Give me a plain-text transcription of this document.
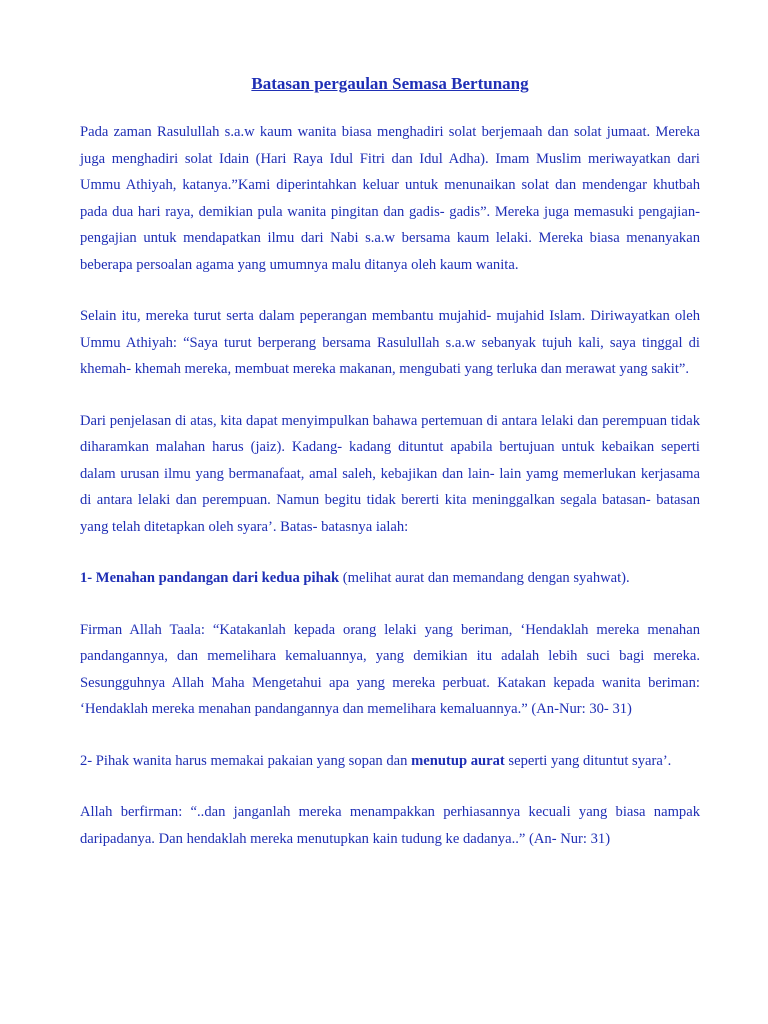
Batasan pergaulan Semasa Bertunang

Pada zaman Rasulullah s.a.w kaum wanita biasa menghadiri solat berjemaah dan solat jumaat. Mereka juga menghadiri solat Idain (Hari Raya Idul Fitri dan Idul Adha). Imam Muslim meriwayatkan dari Ummu Athiyah, katanya.”Kami diperintahkan keluar untuk menunaikan solat dan mendengar khutbah pada dua hari raya, demikian pula wanita pingitan dan gadis- gadis”. Mereka juga memasuki pengajian- pengajian untuk mendapatkan ilmu dari Nabi s.a.w bersama kaum lelaki. Mereka biasa menanyakan beberapa persoalan agama yang umumnya malu ditanya oleh kaum wanita.

Selain itu, mereka turut serta dalam peperangan membantu mujahid- mujahid Islam. Diriwayatkan oleh Ummu Athiyah: “Saya turut berperang bersama Rasulullah s.a.w sebanyak tujuh kali, saya tinggal di khemah- khemah mereka, membuat mereka makanan, mengubati yang terluka dan merawat yang sakit”.

Dari penjelasan di atas, kita dapat menyimpulkan bahawa pertemuan di antara lelaki dan perempuan tidak diharamkan malahan harus (jaiz). Kadang- kadang dituntut apabila bertujuan untuk kebaikan seperti dalam urusan ilmu yang bermanafaat, amal saleh, kebajikan dan lain- lain yamg memerlukan kerjasama di antara lelaki dan perempuan. Namun begitu tidak bererti kita meninggalkan segala batasan- batasan yang telah ditetapkan oleh syara’. Batas- batasnya ialah:

1- Menahan pandangan dari kedua pihak (melihat aurat dan memandang dengan syahwat).

Firman Allah Taala: “Katakanlah kepada orang lelaki yang beriman, ‘Hendaklah mereka menahan pandangannya, dan memelihara kemaluannya, yang demikian itu adalah lebih suci bagi mereka. Sesungguhnya Allah Maha Mengetahui apa yang mereka perbuat. Katakan kepada wanita beriman: ‘Hendaklah mereka menahan pandangannya dan memelihara kemaluannya.” (An-Nur: 30- 31)

2- Pihak wanita harus memakai pakaian yang sopan dan menutup aurat seperti yang dituntut syara’.

Allah berfirman: “..dan janganlah mereka menampakkan perhiasannya kecuali yang biasa nampak daripadanya. Dan hendaklah mereka menutupkan kain tudung ke dadanya..” (An- Nur: 31)
